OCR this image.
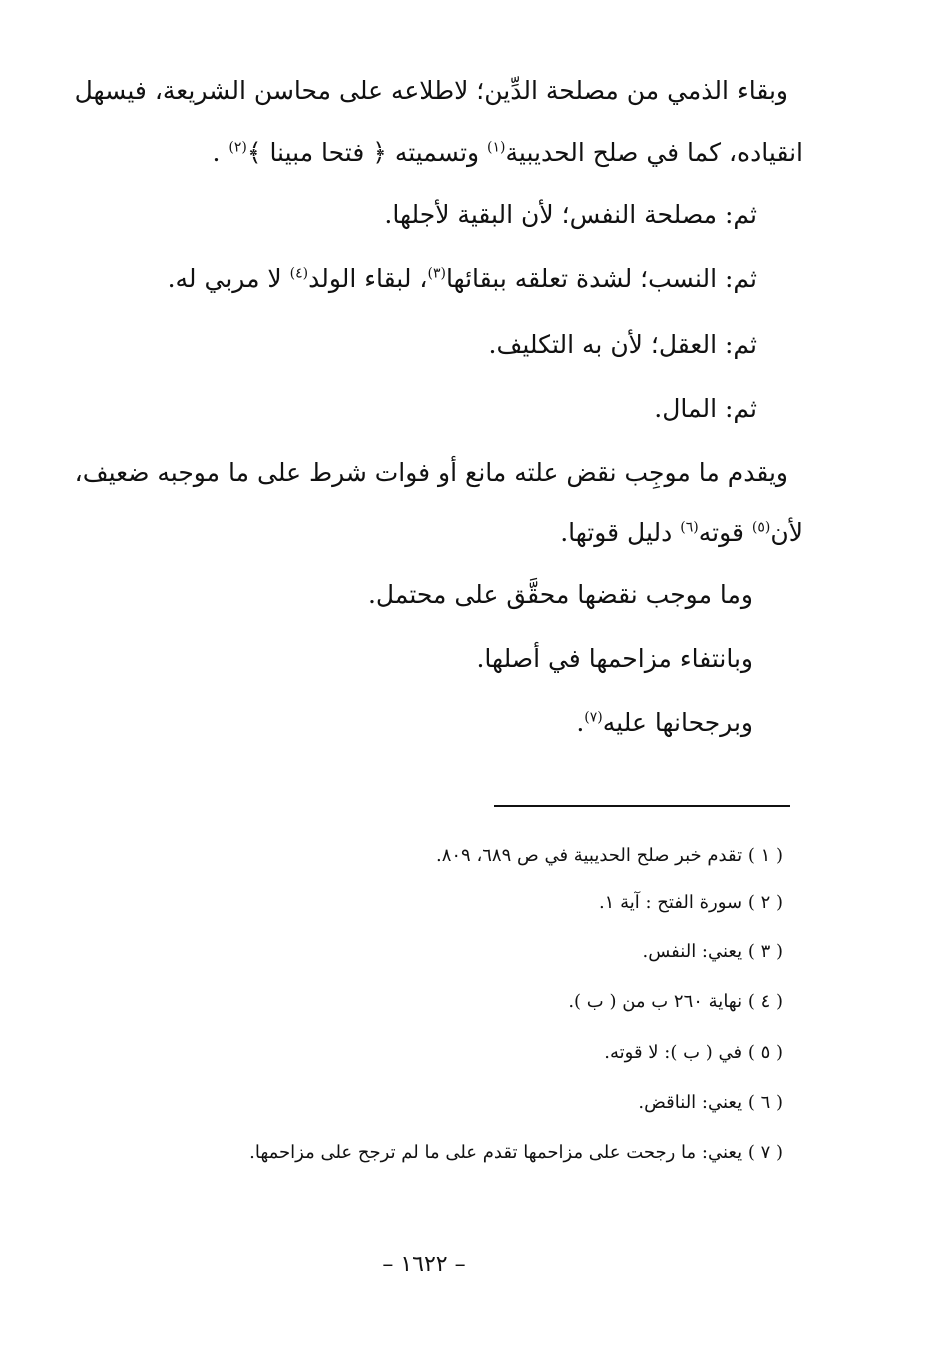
وبقاء الذمي من مصلحة الدِّين؛ لاطلاعه على محاسن الشريعة، فيسهل
انقياده، كما في صلح الحديبية$^{(١)}$ وتسميته ﴿ فتحا مبينا ﴾$^{(٢)}$ .
ثم: مصلحة النفس؛ لأن البقية لأجلها.
ثم: النسب؛ لشدة تعلقه ببقائها$^{(٣)}$، لبقاء الولد$^{(٤)}$ لا مربي له.
ثم: العقل؛ لأن به التكليف.
ثم: المال.
ويقدم ما موجِب نقض علته مانع أو فوات شرط على ما موجبه ضعيف،
لأن$^{(٥)}$ قوته$^{(٦)}$ دليل قوتها.
وما موجب نقضها محقَّق على محتمل.
وبانتفاء مزاحمها في أصلها.
وبرجحانها عليه$^{(٧)}$.
( ١ ) تقدم خبر صلح الحديبية في ص ٦٨٩، ٨٠٩.
( ٢ ) سورة الفتح : آية ١.
( ٣ ) يعني: النفس.
( ٤ ) نهاية ٢٦٠ ب من ( ب ).
( ٥ ) في ( ب ): لا قوته.
( ٦ ) يعني: الناقض.
( ٧ ) يعني: ما رجحت على مزاحمها تقدم على ما لم ترجح على مزاحمها.
– ١٦٢٢ –
